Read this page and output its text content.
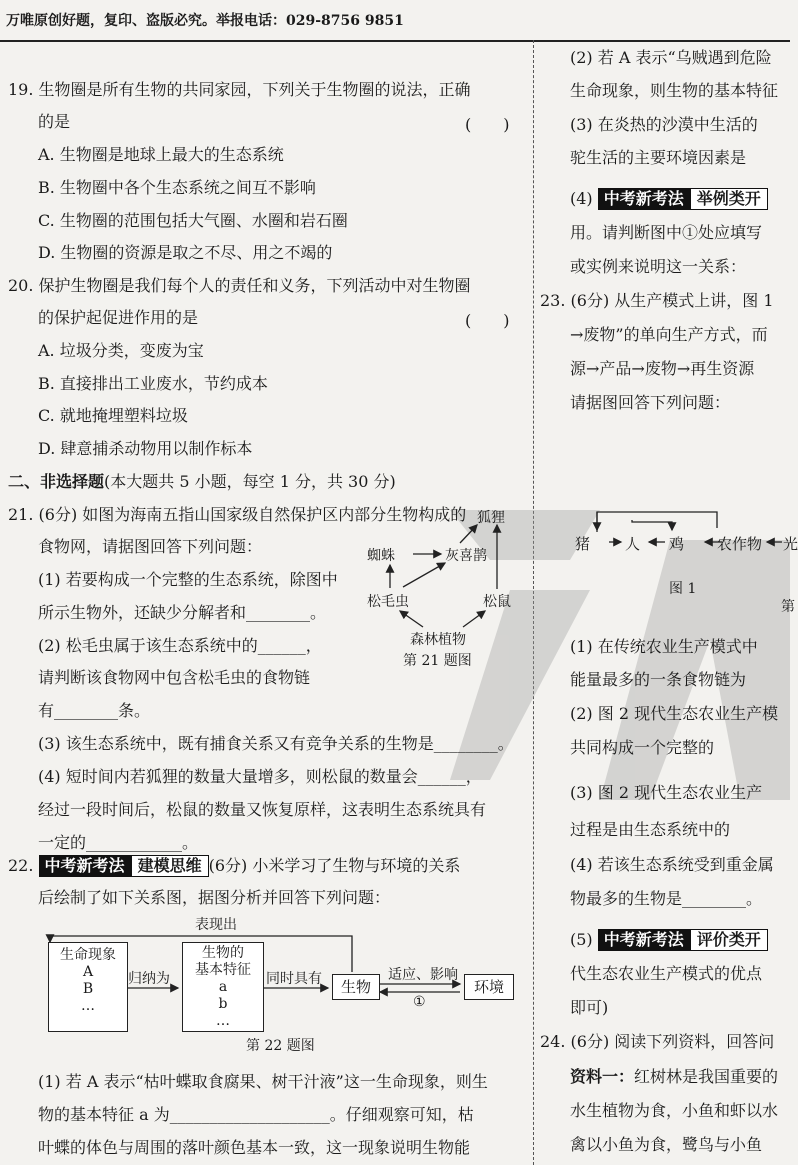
万唯原创好题，复印、盗版必究。举报电话：029-8756 9851
19. 生物圈是所有生物的共同家园，下列关于生物圈的说法，正确
的是	(　　)
A. 生物圈是地球上最大的生态系统
B. 生物圈中各个生态系统之间互不影响
C. 生物圈的范围包括大气圈、水圈和岩石圈
D. 生物圈的资源是取之不尽、用之不竭的
20. 保护生物圈是我们每个人的责任和义务，下列活动中对生物圈
的保护起促进作用的是	(　　)
A. 垃圾分类，变废为宝
B. 直接排出工业废水，节约成本
C. 就地掩埋塑料垃圾
D. 肆意捕杀动物用以制作标本
二、非选择题(本大题共 5 小题，每空 1 分，共 30 分)
21. (6分) 如图为海南五指山国家级自然保护区内部分生物构成的
食物网，请据图回答下列问题：
(1) 若要构成一个完整的生态系统，除图中
所示生物外，还缺少分解者和________。
(2) 松毛虫属于该生态系统中的______，
请判断该食物网中包含松毛虫的食物链
有________条。
(3) 该生态系统中，既有捕食关系又有竞争关系的生物是________。
(4) 短时间内若狐狸的数量大量增多，则松鼠的数量会______，
经过一段时间后，松鼠的数量又恢复原样，这表明生态系统具有
一定的____________。
狐狸
蜘蛛	灰喜鹊
松毛虫	松鼠
森林植物
第 21 题图
22. 中考新考法 建模思维 (6分) 小米学习了生物与环境的关系
后绘制了如下关系图，据图分析并回答下列问题：
表现出
生命现象
A
B
…
归纳为
生物的
基本特征
a
b
…
同时具有	生物
适应、影响
①
环境
第 22 题图
(1) 若 A 表示“枯叶蝶取食腐果、树干汁液”这一生命现象，则生
物的基本特征 a 为____________________。仔细观察可知，枯
叶蝶的体色与周围的落叶颜色基本一致，这一现象说明生物能
(2) 若 A 表示“乌贼遇到危险
生命现象，则生物的基本特征
(3) 在炎热的沙漠中生活的
驼生活的主要环境因素是
(4) 中考新考法 举例类开
用。请判断图中①处应填写
或实例来说明这一关系：
23. (6分) 从生产模式上讲，图 1
→废物”的单向生产方式，而
源→产品→废物→再生资源
请据图回答下列问题：
猪 人 鸡 农作物 光
图 1
第
(1) 在传统农业生产模式中
能量最多的一条食物链为
(2) 图 2 现代生态农业生产模
共同构成一个完整的
(3) 图 2 现代生态农业生产
过程是由生态系统中的
(4) 若该生态系统受到重金属
物最多的生物是________。
(5) 中考新考法 评价类开
代生态农业生产模式的优点
即可)
24. (6分) 阅读下列资料，回答问
资料一：红树林是我国重要的
水生植物为食，小鱼和虾以水
禽以小鱼为食，鹭鸟与小鱼
